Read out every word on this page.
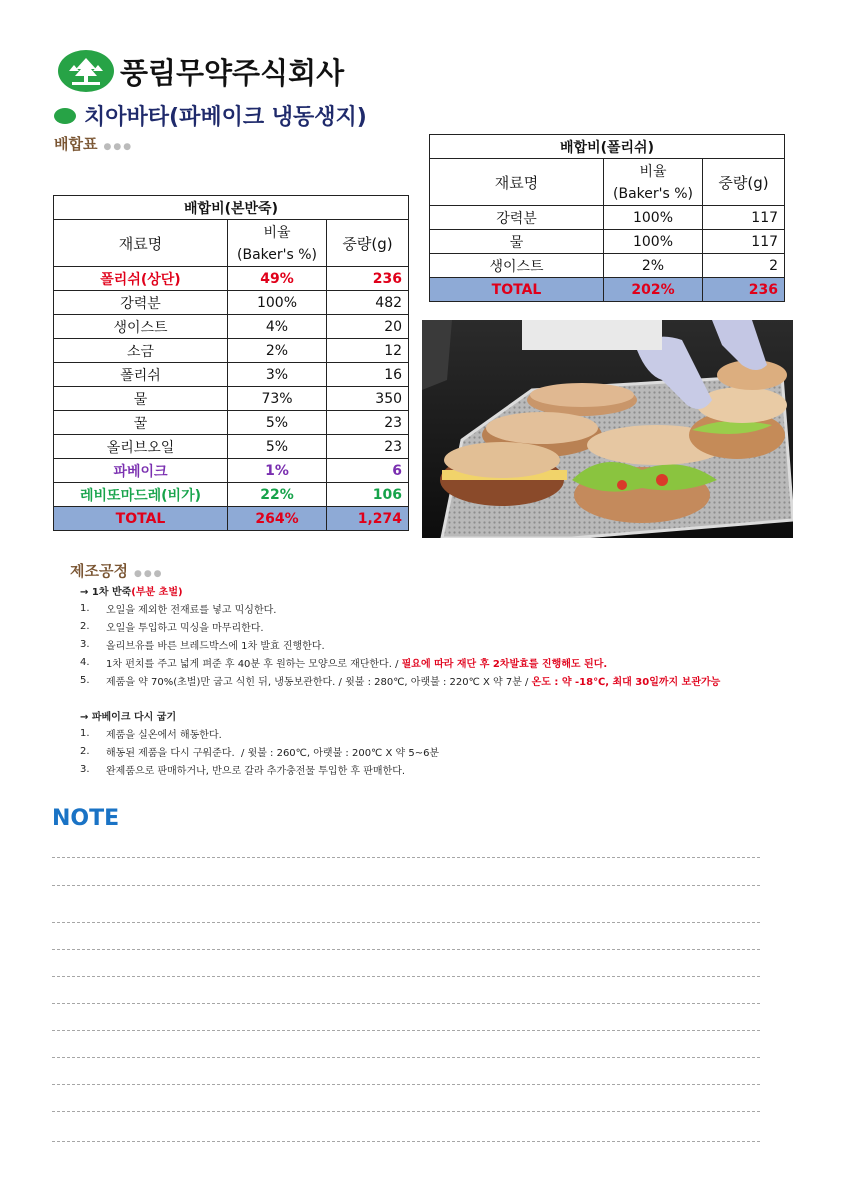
풍림무약주식회사
치아바타(파베이크 냉동생지)
배합표 ●●●
배합비(본반죽)		
재료명	비율	중량(g)
	(Baker's %)	
폴리쉬(상단)	49%	236
강력분	100%	482
생이스트	4%	20
소금	2%	12
폴리쉬	3%	16
물	73%	350
꿀	5%	23
올리브오일	5%	23
파베이크	1%	6
레비또마드레(비가)	22%	106
TOTAL	264%	1,274
배합비(폴리쉬)		
재료명	비율	중량(g)
	(Baker's %)	
강력분	100%	117
물	100%	117
생이스트	2%	2
TOTAL	202%	236
제조공정 ●●●
→ 1차 반죽 (부분 초벌)
1.	오일을 제외한 전재료를 넣고 믹싱한다.
2.	오일을 투입하고 믹싱을 마무리한다.
3.	올리브유를 바른 브레드박스에 1차 발효 진행한다.
4.	1차 펀치를 주고 넓게 펴준 후 40분 후 원하는 모양으로 재단한다. / 필요에 따라 재단 후 2차발효를 진행해도 된다.
5.	제품을 약 70%(초벌)만 굽고 식힌 뒤, 냉동보관한다. / 윗불 : 280℃, 아랫불 : 220℃ X 약 7분 / 온도 : 약 -18℃, 최대 30일까지 보관가능
→ 파베이크 다시 굽기
1.	제품을 실온에서 해동한다.
2.	해동된 제품을 다시 구워준다.  / 윗불 : 260℃, 아랫불 : 200℃ X 약 5~6분
3.	완제품으로 판매하거나, 반으로 갈라 추가충전물 투입한 후 판매한다.
NOTE
